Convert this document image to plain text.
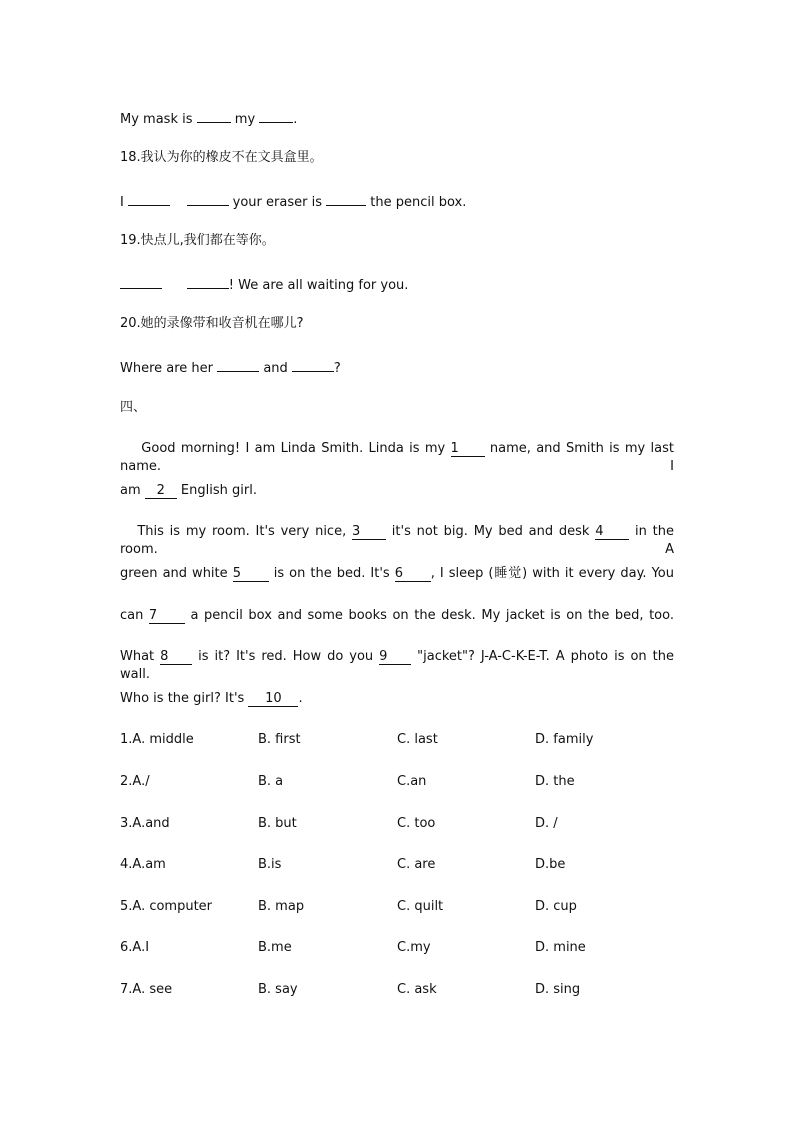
My mask is	my	.
18.我认为你的橡皮不在文具盒里。
I	your eraser is	the pencil box.
19.快点儿,我们都在等你。
! We are all waiting for you.
20.她的录像带和收音机在哪儿?
Where are her	and	?
四、
Good morning! I am Linda Smith. Linda is my 1 name, and Smith is my last name. I
am 2 English girl.
This is my room. It's very nice, 3 it's not big. My bed and desk 4 in the room. A
green and white 5	is on the bed. It's 6 , I sleep (睡觉) with it every day. You
can 7	a pencil box and some books on the desk. My jacket is on the bed, too.
What 8 is it? It's red. How do you 9 "jacket"? J-A-C-K-E-T. A photo is on the wall.
Who is the girl? It's 10 .
1.A. middle	B. first	C. last	D. family
2.A./	B. a	C.an	D. the
3.A.and	B. but	C. too	D. /
4.A.am	B.is	C. are	D.be
5.A. computer	B. map	C. quilt	D. cup
6.A.I	B.me	C.my	D. mine
7.A. see	B. say	C. ask	D. sing
